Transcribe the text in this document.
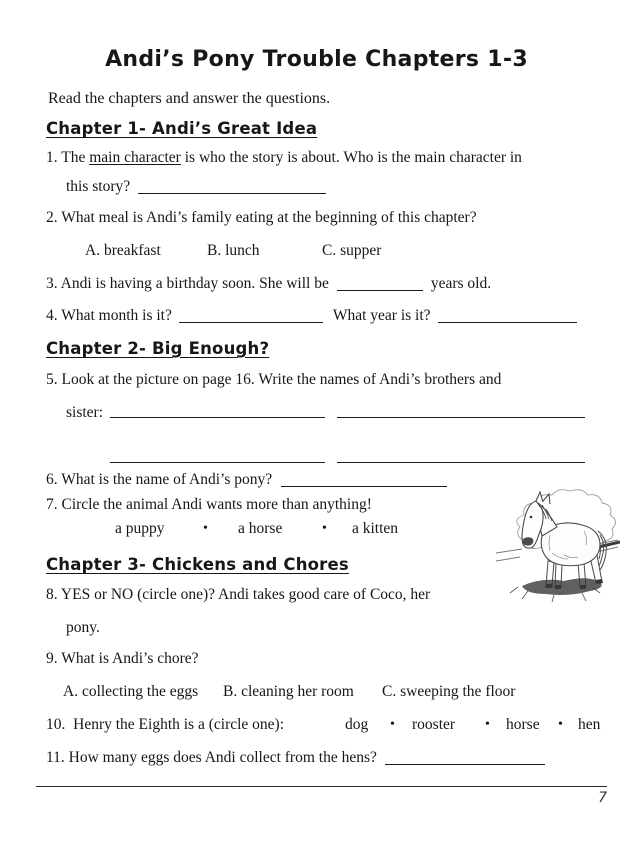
Andi’s Pony Trouble Chapters 1-3
Read the chapters and answer the questions.
Chapter 1- Andi’s Great Idea
1. The main character is who the story is about. Who is the main character in
this story?
2. What meal is Andi’s family eating at the beginning of this chapter?
A. breakfast	B. lunch	C. supper
3. Andi is having a birthday soon. She will be	years old.
4. What month is it?	What year is it?
Chapter 2- Big Enough?
5. Look at the picture on page 16. Write the names of Andi’s brothers and
sister:
6. What is the name of Andi’s pony?
7. Circle the animal Andi wants more than anything!
a puppy	• a horse	• a kitten
Chapter 3- Chickens and Chores
8. YES or NO (circle one)? Andi takes good care of Coco, her
pony.
9. What is Andi’s chore?
A. collecting the eggs B. cleaning her room C. sweeping the floor
10.  Henry the Eighth is a (circle one):	dog • rooster • horse • hen
11. How many eggs does Andi collect from the hens?
7
